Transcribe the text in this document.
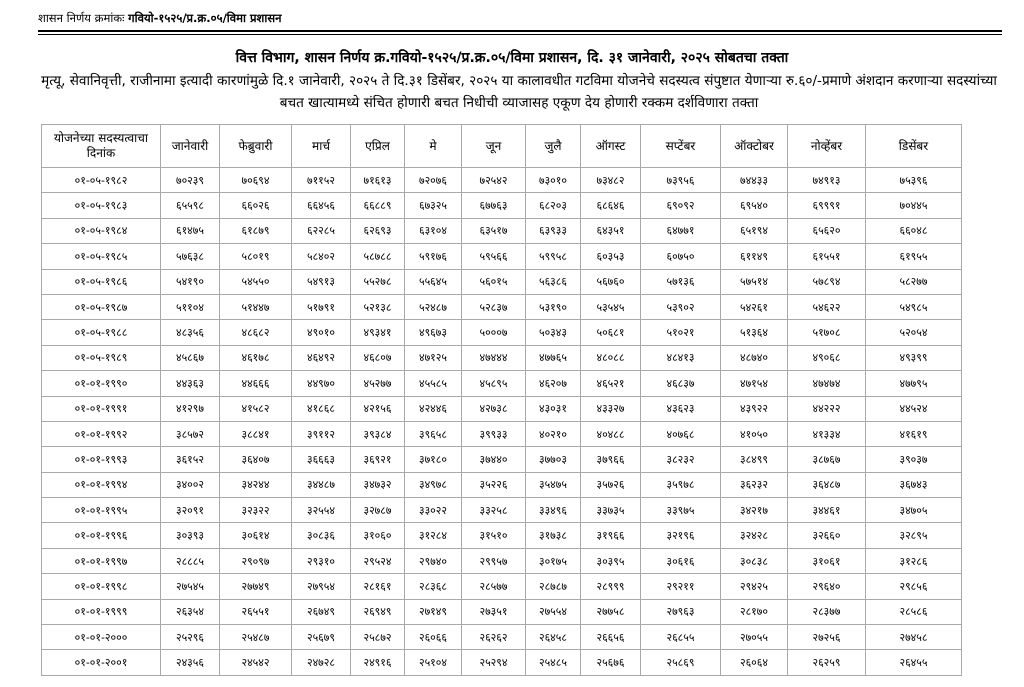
शासन निर्णय क्रमांकः गवियो-१५२५/प्र.क्र.०५/विमा प्रशासन
वित्त विभाग, शासन निर्णय क्र.गवियो-१५२५/प्र.क्र.०५/विमा प्रशासन, दि. ३१ जानेवारी, २०२५ सोबतचा तक्ता
मृत्यू, सेवानिवृत्ती, राजीनामा इत्यादी कारणांमुळे दि.१ जानेवारी, २०२५ ते दि.३१ डिसेंबर, २०२५ या कालावधीत गटविमा योजनेचे सदस्यत्व संपुष्टात येणाऱ्या रु.६०/-प्रमाणे अंशदान करणाऱ्या सदस्यांच्या बचत खात्यामध्ये संचित होणारी बचत निधीची व्याजासह एकूण देय होणारी रक्कम दर्शविणारा तक्ता
योजनेच्या सदस्यत्वाचा दिनांक	जानेवारी	फेब्रुवारी	मार्च	एप्रिल	मे	जून	जुलै	ऑगस्ट	सप्टेंबर	ऑक्टोबर	नोव्हेंबर	डिसेंबर
०१-०५-१९८२	७०२३९	७०६९४	७११५२	७१६१३	७२०७६	७२५४२	७३०१०	७३४८२	७३९५६	७४४३३	७४९१३	७५३९६
०१-०५-१९८३	६५५९८	६६०२६	६६४५६	६६८८९	६७३२५	६७७६३	६८२०३	६८६४६	६९०९२	६९५४०	६९९९१	७०४४५
०१-०५-१९८४	६१४७५	६१८७९	६२२८५	६२६९३	६३१०४	६३५१७	६३९३३	६४३५१	६४७७१	६५१९४	६५६२०	६६०४८
०१-०५-१९८५	५७६३८	५८०१९	५८४०२	५८७८८	५९१७६	५९५६६	५९९५८	६०३५३	६०७५०	६११४९	६१५५१	६१९५५
०१-०५-१९८६	५४१९०	५४५५०	५४९१३	५५२७८	५५६४५	५६०१५	५६३८६	५६७६०	५७१३६	५७५१४	५७८९४	५८२७७
०१-०५-१९८७	५११०४	५१४४७	५१७९१	५२१३८	५२४८७	५२८३७	५३१९०	५३५४५	५३९०२	५४२६१	५४६२२	५४९८५
०१-०५-१९८८	४८३५६	४८६८२	४९०१०	४९३४१	४९६७३	५०००७	५०३४३	५०६८१	५१०२१	५१३६४	५१७०८	५२०५४
०१-०५-१९८९	४५८६७	४६१७८	४६४९२	४६८०७	४७१२५	४७४४४	४७७६५	४८०८८	४८४१३	४८७४०	४९०६८	४९३९९
०१-०१-१९९०	४४३६३	४४६६६	४४९७०	४५२७७	४५५८५	४५८९५	४६२०७	४६५२१	४६८३७	४७१५४	४७४७४	४७७९५
०१-०१-१९९१	४१२९७	४१५८२	४१८६८	४२१५६	४२४४६	४२७३८	४३०३१	४३३२७	४३६२३	४३९२२	४४२२२	४४५२४
०१-०१-१९९२	३८५७२	३८८४१	३९११२	३९३८४	३९६५८	३९९३३	४०२१०	४०४८८	४०७६८	४१०५०	४१३३४	४१६१९
०१-०१-१९९३	३६१५२	३६४०७	३६६६३	३६९२१	३७१८०	३७४४०	३७७०३	३७९६६	३८२३२	३८४९९	३८७६७	३९०३७
०१-०१-१९९४	३४००२	३४२४४	३४४८७	३४७३२	३४९७८	३५२२६	३५४७५	३५७२६	३५९७८	३६२३२	३६४८७	३६७४३
०१-०१-१९९५	३२०९१	३२३२२	३२५५४	३२७८७	३३०२२	३३२५८	३३४९६	३३७३५	३३९७५	३४२१७	३४४६१	३४७०५
०१-०१-१९९६	३०३९३	३०६१४	३०८३६	३१०६०	३१२८४	३१५१०	३१७३८	३१९६६	३२१९६	३२४२८	३२६६०	३२८९५
०१-०१-१९९७	२८८८५	२९०९७	२९३१०	२९५२४	२९७४०	२९९५७	३०१७५	३०३९५	३०६१६	३०८३८	३१०६१	३१२८६
०१-०१-१९९८	२७५४५	२७७४९	२७९५४	२८१६१	२८३६८	२८५७७	२८७८७	२८९९९	२९२११	२९४२५	२९६४०	२९८५६
०१-०१-१९९९	२६३५४	२६५५१	२६७४९	२६९४९	२७१४९	२७३५१	२७५५४	२७७५८	२७९६३	२८१७०	२८३७७	२८५८६
०१-०१-२०००	२५२९६	२५४८७	२५६७९	२५८७२	२६०६६	२६२६२	२६४५८	२६६५६	२६८५५	२७०५५	२७२५६	२७४५८
०१-०१-२००१	२४३५६	२४५४२	२४७२८	२४९१६	२५१०४	२५२९४	२५४८५	२५६७६	२५८६९	२६०६४	२६२५९	२६४५५
